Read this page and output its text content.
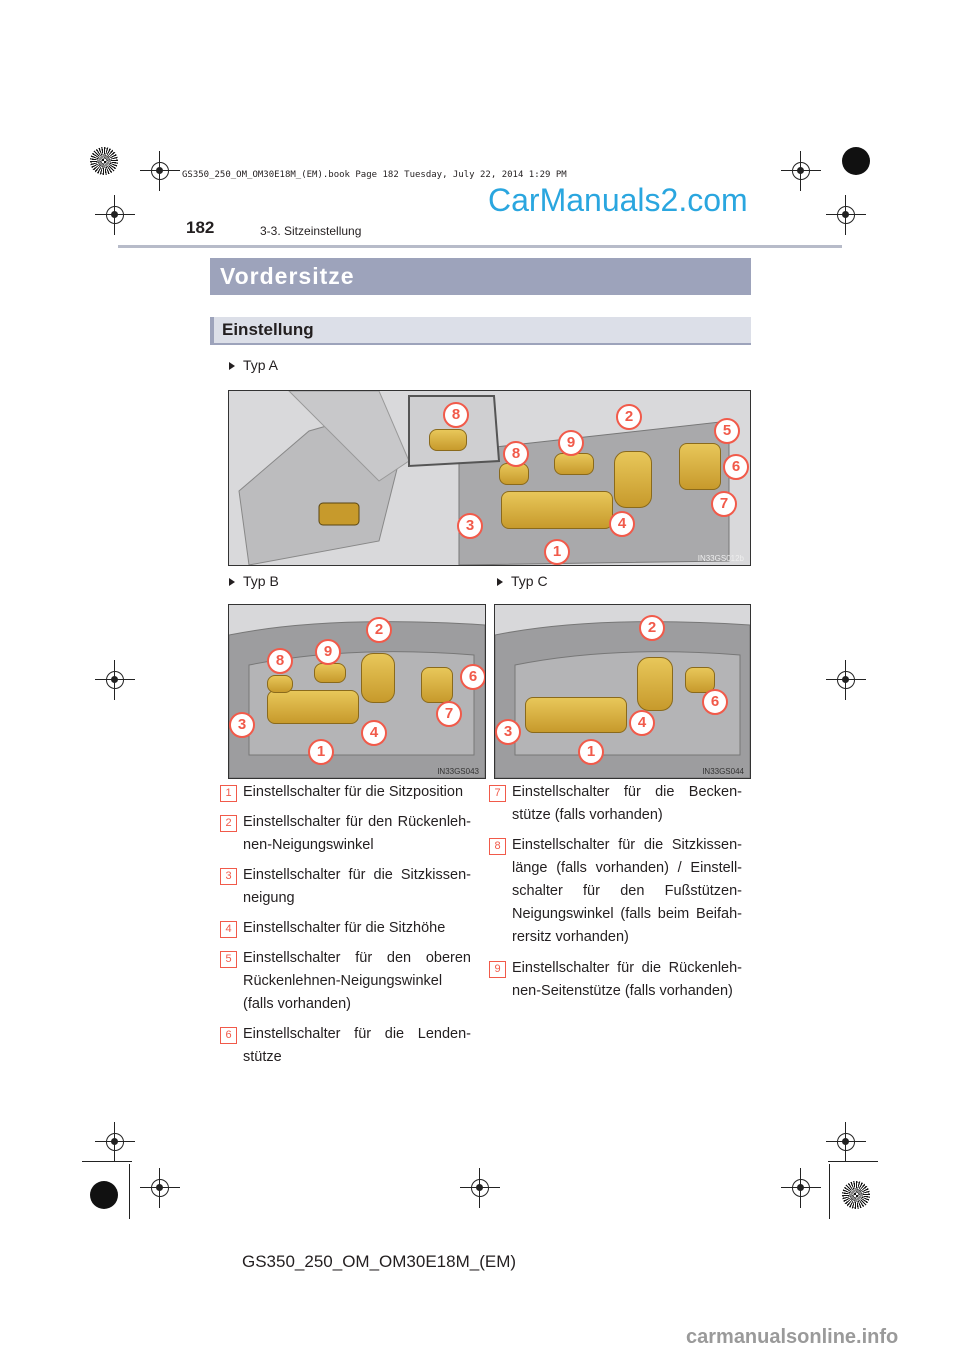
GS350_250_OM_OM30E18M_(EM).book Page 182 Tuesday, July 22, 2014 1:29 PM
CarManuals2.com
182	3-3. Sitzeinstellung
Vordersitze
Einstellung
Typ A
8	2
5
9
8
6
7
3	4
1	IN33GS012b
Typ B	Typ C
2
9
8
6
7
3	4
1
IN33GS043
2
6
3
4
1
IN33GS044
1 Einstellschalter für die Sitzposition
2 Einstellschalter für den Rückenleh-nen-Neigungswinkel
3 Einstellschalter für die Sitzkissen-neigung
4 Einstellschalter für die Sitzhöhe
5 Einstellschalter für den oberen Rückenlehnen-Neigungswinkel (falls vorhanden)
6 Einstellschalter für die Lenden-stütze
7 Einstellschalter für die Becken-stütze (falls vorhanden)
8 Einstellschalter für die Sitzkissen-länge (falls vorhanden) / Einstell-schalter für den Fußstützen-Neigungswinkel (falls beim Beifah-rersitz vorhanden)
9 Einstellschalter für die Rückenleh-nen-Seitenstütze (falls vorhanden)
GS350_250_OM_OM30E18M_(EM)
carmanualsonline.info
